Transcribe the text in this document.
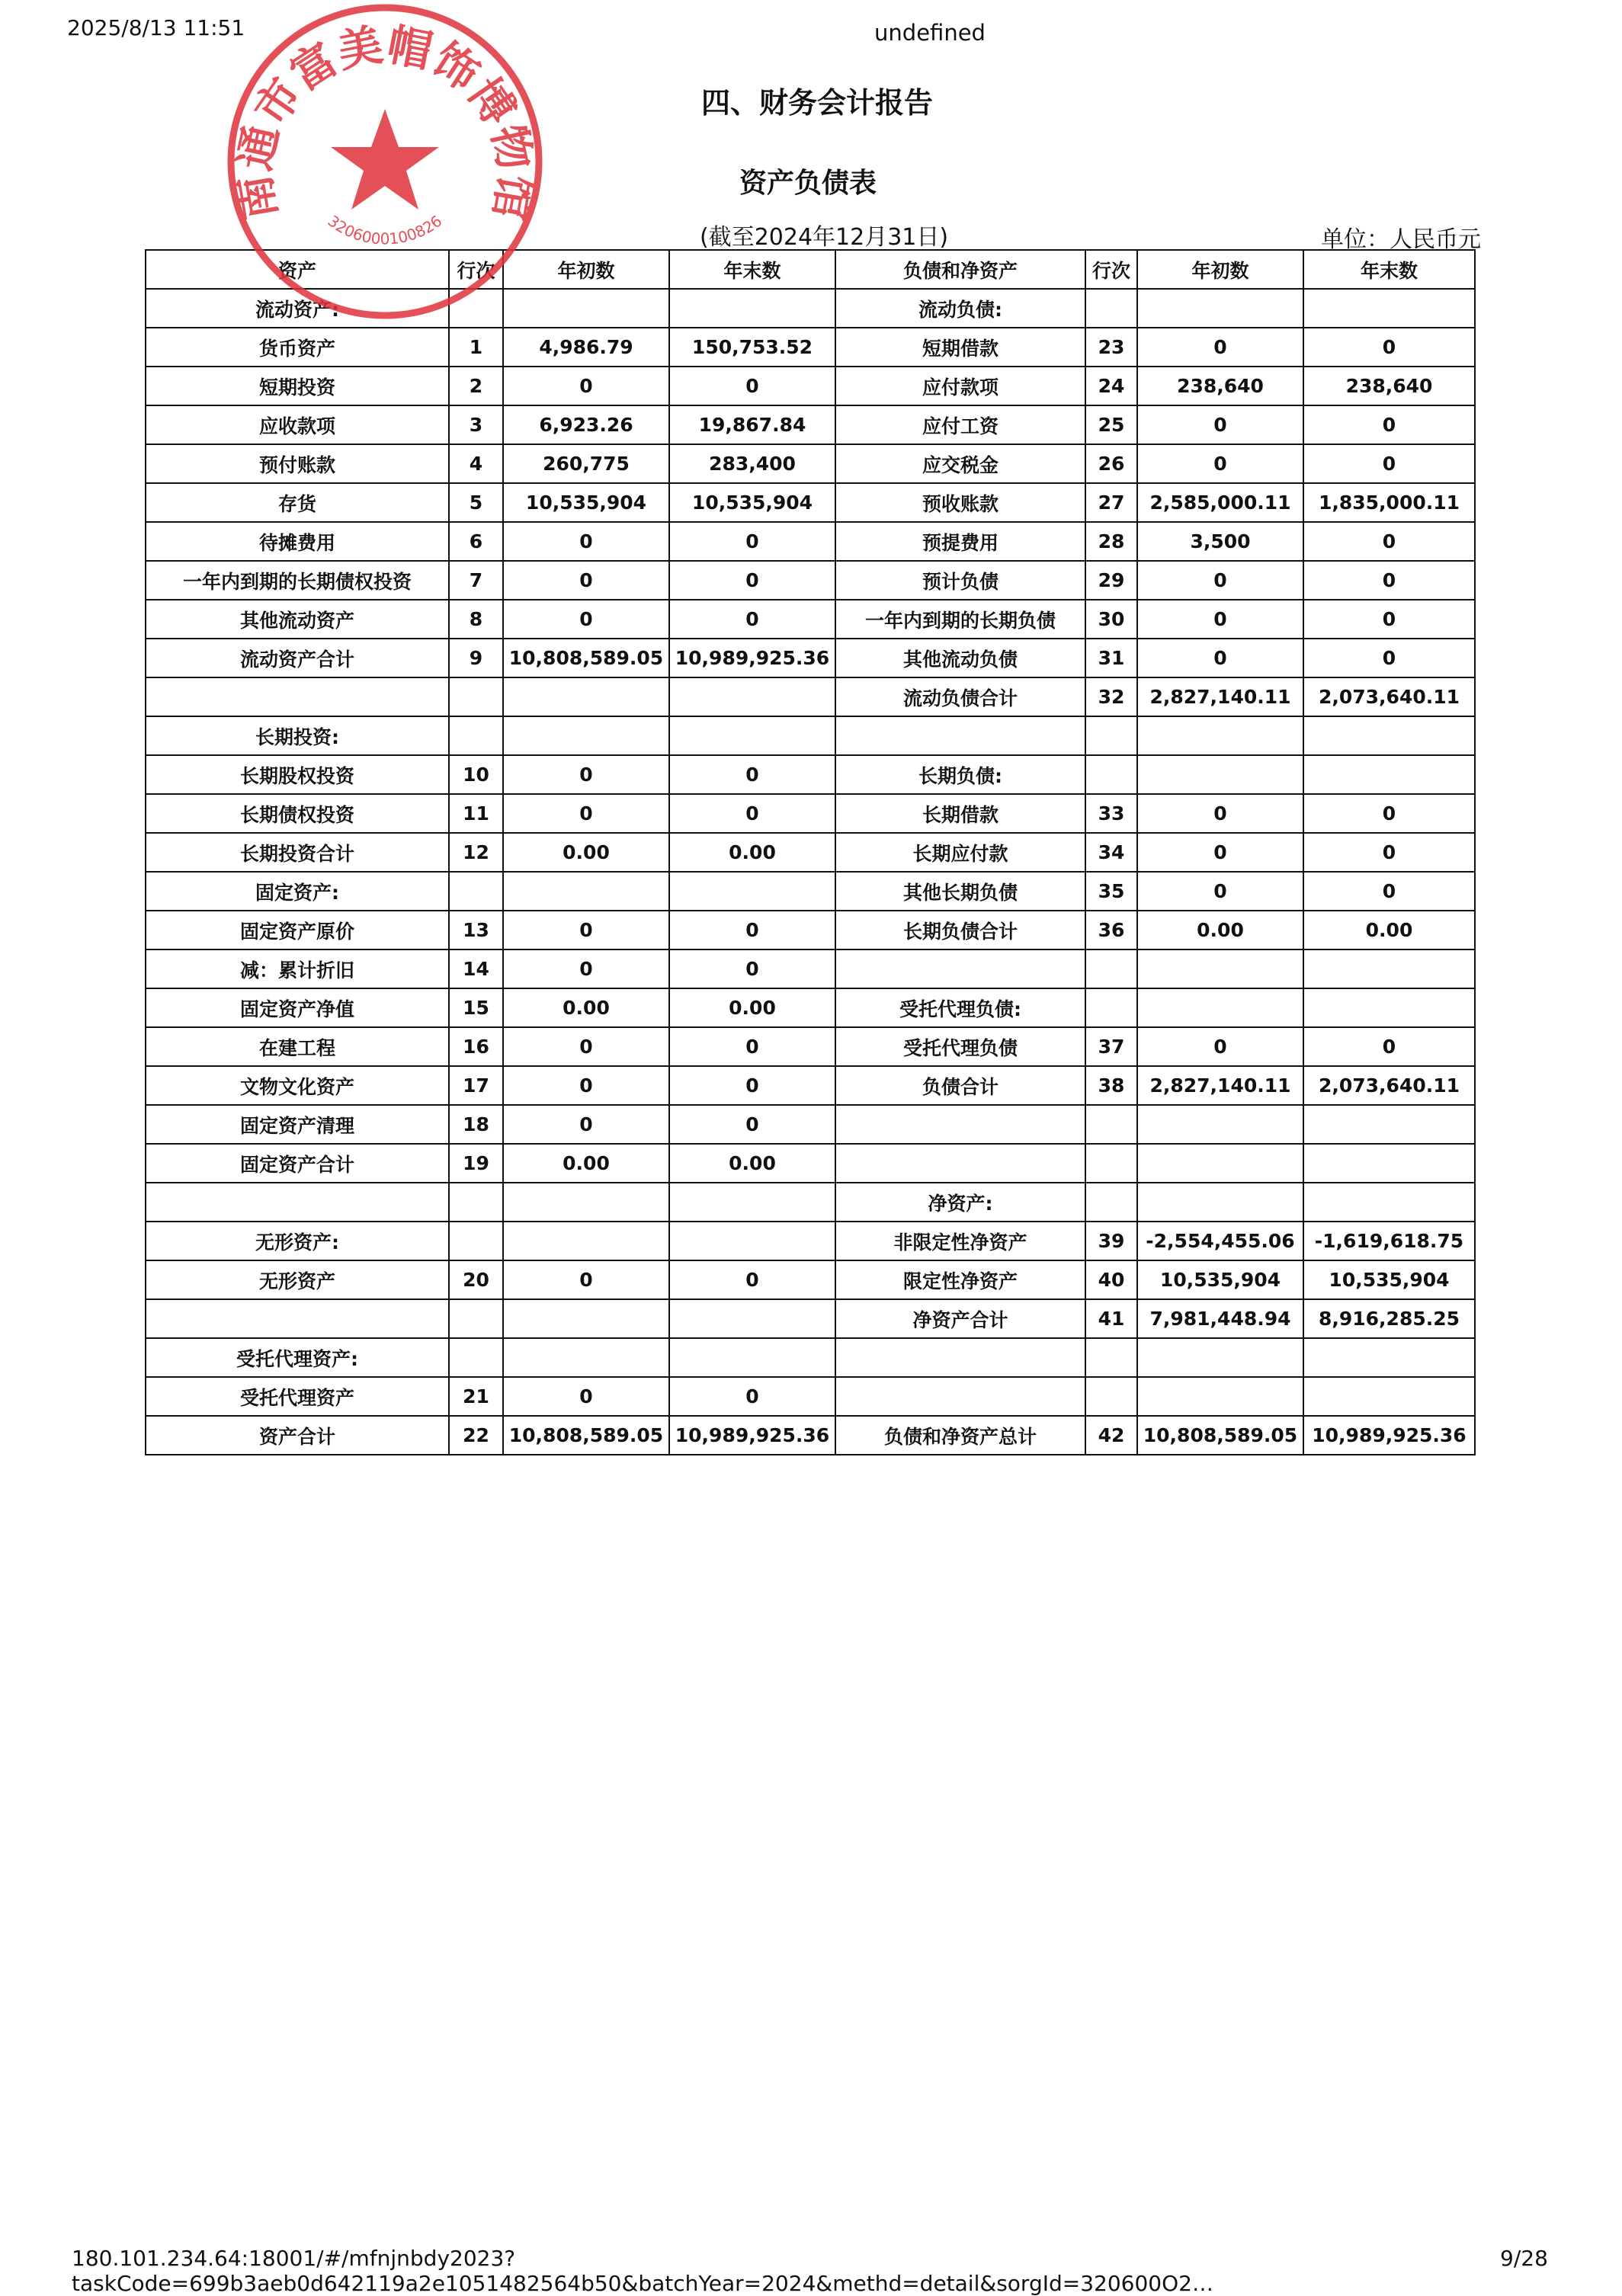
2025/8/13 11:51	undefined
四、财务会计报告
资产负债表
(截至2024年12月31日)	单位：人民币元
资产	行次	年初数	年末数	负债和净资产	行次	年初数	年末数
流动资产:				流动负债:			
货币资产	1	4,986.79	150,753.52	短期借款	23	0	0
短期投资	2	0	0	应付款项	24	238,640	238,640
应收款项	3	6,923.26	19,867.84	应付工资	25	0	0
预付账款	4	260,775	283,400	应交税金	26	0	0
存货	5	10,535,904	10,535,904	预收账款	27	2,585,000.11	1,835,000.11
待摊费用	6	0	0	预提费用	28	3,500	0
一年内到期的长期债权投资	7	0	0	预计负债	29	0	0
其他流动资产	8	0	0	一年内到期的长期负债	30	0	0
流动资产合计	9	10,808,589.05	10,989,925.36	其他流动负债	31	0	0
				流动负债合计	32	2,827,140.11	2,073,640.11
长期投资:							
长期股权投资	10	0	0	长期负债:			
长期债权投资	11	0	0	长期借款	33	0	0
长期投资合计	12	0.00	0.00	长期应付款	34	0	0
固定资产:				其他长期负债	35	0	0
固定资产原价	13	0	0	长期负债合计	36	0.00	0.00
减：累计折旧	14	0	0				
固定资产净值	15	0.00	0.00	受托代理负债:			
在建工程	16	0	0	受托代理负债	37	0	0
文物文化资产	17	0	0	负债合计	38	2,827,140.11	2,073,640.11
固定资产清理	18	0	0				
固定资产合计	19	0.00	0.00				
				净资产:			
无形资产:				非限定性净资产	39	-2,554,455.06	-1,619,618.75
无形资产	20	0	0	限定性净资产	40	10,535,904	10,535,904
				净资产合计	41	7,981,448.94	8,916,285.25
受托代理资产:							
受托代理资产	21	0	0				
资产合计	22	10,808,589.05	10,989,925.36	负债和净资产总计	42	10,808,589.05	10,989,925.36
南通市富美帽饰博物馆
3206000100826
180.101.234.64:18001/#/mfnjnbdy2023?taskCode=699b3aeb0d642119a2e1051482564b50&batchYear=2024&methd=detail&sorgId=320600O2…
9/28
